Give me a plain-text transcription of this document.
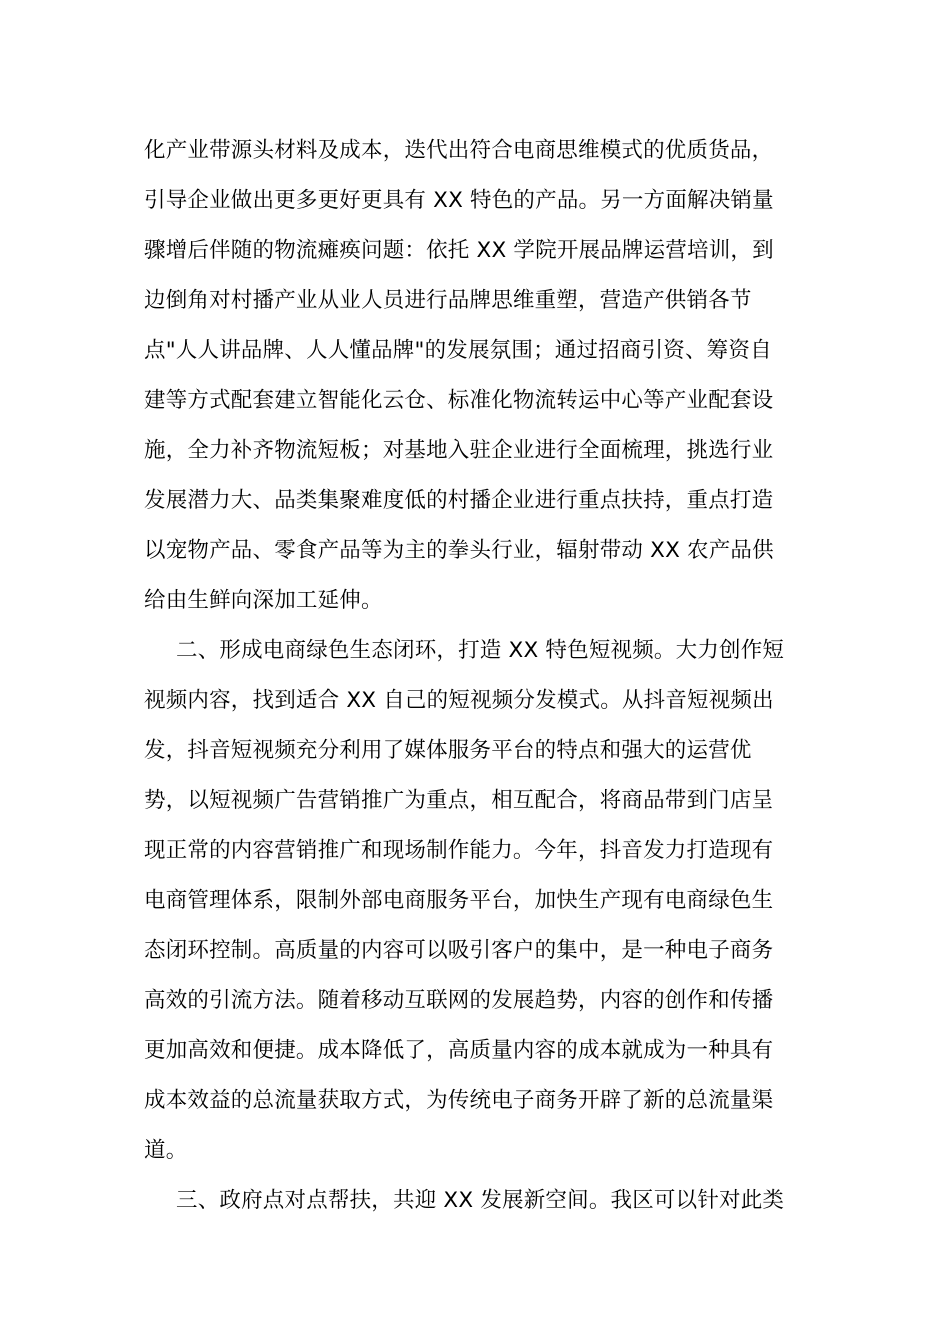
化产业带源头材料及成本，迭代出符合电商思维模式的优质货品，
引导企业做出更多更好更具有 XX 特色的产品。另一方面解决销量
骤增后伴随的物流瘫痪问题：依托 XX 学院开展品牌运营培训，到
边倒角对村播产业从业人员进行品牌思维重塑，营造产供销各节
点"人人讲品牌、人人懂品牌"的发展氛围；通过招商引资、筹资自
建等方式配套建立智能化云仓、标准化物流转运中心等产业配套设
施，全力补齐物流短板；对基地入驻企业进行全面梳理，挑选行业
发展潜力大、品类集聚难度低的村播企业进行重点扶持，重点打造
以宠物产品、零食产品等为主的拳头行业，辐射带动 XX 农产品供
给由生鲜向深加工延伸。
二、形成电商绿色生态闭环，打造 XX 特色短视频。大力创作短
视频内容，找到适合 XX 自己的短视频分发模式。从抖音短视频出
发，抖音短视频充分利用了媒体服务平台的特点和强大的运营优
势，以短视频广告营销推广为重点，相互配合，将商品带到门店呈
现正常的内容营销推广和现场制作能力。今年，抖音发力打造现有
电商管理体系，限制外部电商服务平台，加快生产现有电商绿色生
态闭环控制。高质量的内容可以吸引客户的集中，是一种电子商务
高效的引流方法。随着移动互联网的发展趋势，内容的创作和传播
更加高效和便捷。成本降低了，高质量内容的成本就成为一种具有
成本效益的总流量获取方式，为传统电子商务开辟了新的总流量渠
道。
三、政府点对点帮扶，共迎 XX 发展新空间。我区可以针对此类
